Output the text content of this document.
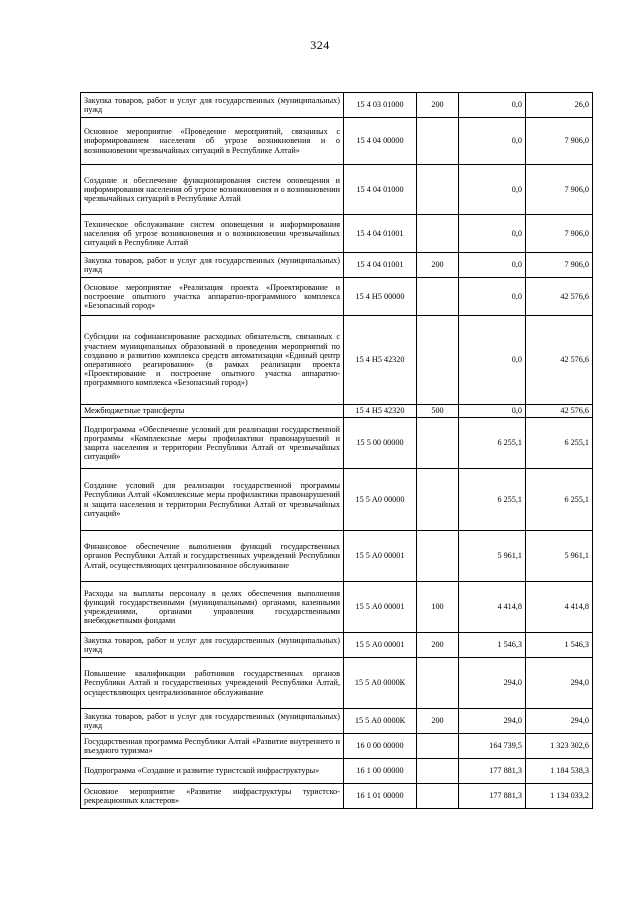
324
Закупка товаров, работ и услуг для государственных (муниципальных) нужд	15 4 03 01000	200	0,0	26,0
Основное мероприятие «Проведение мероприятий, связанных с информированием населения об угрозе возникновения и о возникновении чрезвычайных ситуаций в Республике Алтай»	15 4 04 00000		0,0	7 906,0
Создание и обеспечение функционирования систем оповещения и информирования населения об угрозе возникновения и о возникновении чрезвычайных ситуаций в Республике Алтай	15 4 04 01000		0,0	7 906,0
Техническое обслуживание систем оповещения и информирования населения об угрозе возникновения и о возникновении чрезвычайных ситуаций в Республике Алтай	15 4 04 01001		0,0	7 906,0
Закупка товаров, работ и услуг для государственных (муниципальных) нужд	15 4 04 01001	200	0,0	7 906,0
Основное мероприятие «Реализация проекта «Проектирование и построение опытного участка аппаратно-программного комплекса «Безопасный город»	15 4 Н5 00000		0,0	42 576,6
Субсидии на софинансирование расходных обязательств, связанных с участием муниципальных образований в проведении мероприятий по созданию и развитию комплекса средств автоматизации «Единый центр оперативного реагирования» (в рамках реализации проекта «Проектирование и построение опытного участка аппаратно-программного комплекса «Безопасный город»)	15 4 Н5 42320		0,0	42 576,6
Межбюджетные трансферты	15 4 Н5 42320	500	0,0	42 576,6
Подпрограмма «Обеспечение условий для реализации государственной программы «Комплексные меры профилактики правонарушений и защита населения и территории Республики Алтай от чрезвычайных ситуаций»	15 5 00 00000		6 255,1	6 255,1
Создание условий для реализации государственной программы Республики Алтай «Комплексные меры профилактики правонарушений и защита населения и территории Республики Алтай от чрезвычайных ситуаций»	15 5 А0 00000		6 255,1	6 255,1
Финансовое обеспечение выполнения функций государственных органов Республики Алтай и государственных учреждений Республики Алтай, осуществляющих централизованное обслуживание	15 5 А0 00001		5 961,1	5 961,1
Расходы на выплаты персоналу в целях обеспечения выполнения функций государственными (муниципальными) органами, казенными учреждениями, органами управления государственными внебюджетными фондами	15 5 А0 00001	100	4 414,8	4 414,8
Закупка товаров, работ и услуг для государственных (муниципальных) нужд	15 5 А0 00001	200	1 546,3	1 546,3
Повышение квалификации работников государственных органов Республики Алтай и государственных учреждений Республики Алтай, осуществляющих централизованное обслуживание	15 5 А0 0000К		294,0	294,0
Закупка товаров, работ и услуг для государственных (муниципальных) нужд	15 5 А0 0000К	200	294,0	294,0
Государственная программа Республики Алтай «Развитие внутреннего и въездного туризма»	16 0 00 00000		164 739,5	1 323 302,6
Подпрограмма «Создание и развитие туристской инфраструктуры»	16 1 00 00000		177 881,3	1 184 538,3
Основное мероприятие «Развитие инфраструктуры туристско-рекреационных кластеров»	16 1 01 00000		177 881,3	1 134 033,2
